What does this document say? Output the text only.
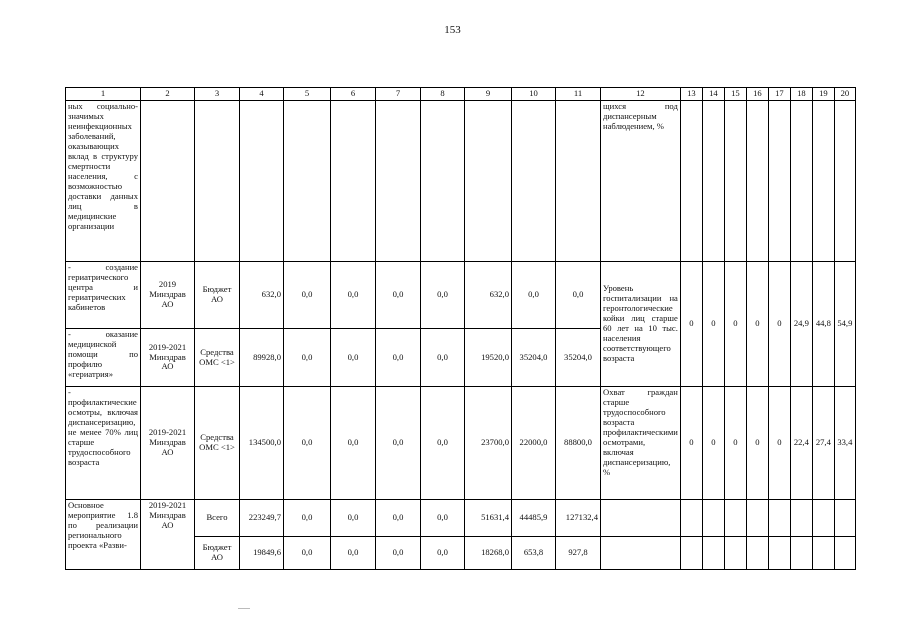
153
1	2	3	4	5	6	7	8	9	10	11	12	13	14	15	16	17	18	19	20
ных социально-значимых неинфекционных заболеваний, оказывающих вклад в структуру смертности населения, с возможностью доставки данных лиц в медицинские организации											щихся под диспансерным наблюдением, %								
- создание гериатрического центра и гериатрических кабинетов	2019 Минздрав АО	Бюджет АО	632,0	0,0	0,0	0,0	0,0	632,0	0,0	0,0	Уровень госпитализации на геронтологические койки лиц старше 60 лет на 10 тыс. населения соответствующего возраста	0	0	0	0	0	24,9	44,8	54,9
- оказание медицинской помощи по профилю «гериатрия»	2019-2021 Минздрав АО	Средства ОМС <1>	89928,0	0,0	0,0	0,0	0,0	19520,0	35204,0	35204,0									
- профилактические осмотры, включая диспансеризацию, не менее 70% лиц старше трудоспособного возраста	2019-2021 Минздрав АО	Средства ОМС <1>	134500,0	0,0	0,0	0,0	0,0	23700,0	22000,0	88800,0	Охват граждан старше трудоспособного возраста профилактическими осмотрами, включая диспансеризацию, %	0	0	0	0	0	22,4	27,4	33,4
Основное мероприятие 1.8 по реализации регионального проекта «Разви-	2019-2021 Минздрав АО	Всего	223249,7	0,0	0,0	0,0	0,0	51631,4	44485,9	127132,4									
		Бюджет АО	19849,6	0,0	0,0	0,0	0,0	18268,0	653,8	927,8									
